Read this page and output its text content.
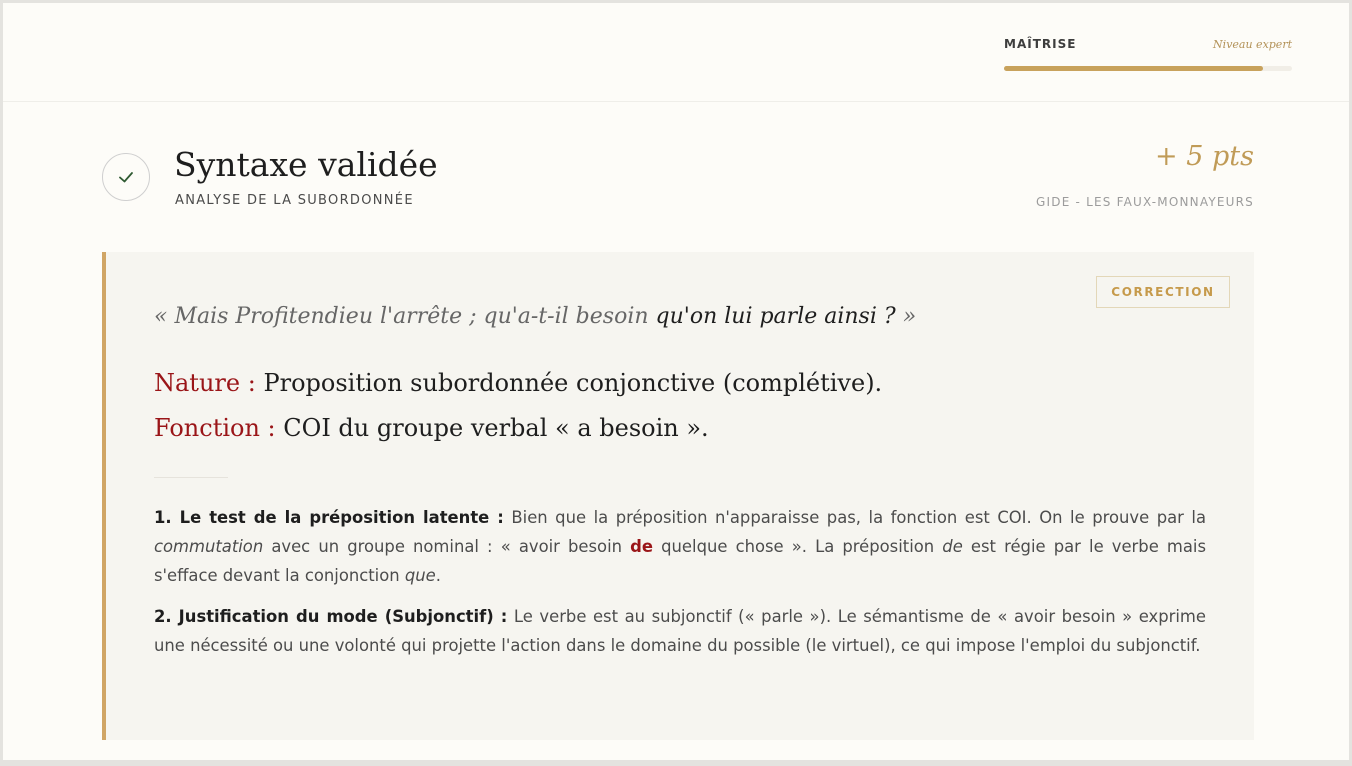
MAÎTRISE	Niveau expert
Syntaxe validée
ANALYSE DE LA SUBORDONNÉE
+ 5 pts
GIDE - LES FAUX-MONNAYEURS
CORRECTION
« Mais Profitendieu l'arrête ; qu'a-t-il besoin qu'on lui parle ainsi ? »
Nature : Proposition subordonnée conjonctive (complétive).
Fonction : COI du groupe verbal « a besoin ».
1. Le test de la préposition latente : Bien que la préposition n'apparaisse pas, la fonction est COI. On le prouve par la commutation avec un groupe nominal : « avoir besoin de quelque chose ». La préposition de est régie par le verbe mais s'efface devant la conjonction que.
2. Justification du mode (Subjonctif) : Le verbe est au subjonctif (« parle »). Le sémantisme de « avoir besoin » exprime une nécessité ou une volonté qui projette l'action dans le domaine du possible (le virtuel), ce qui impose l'emploi du subjonctif.
